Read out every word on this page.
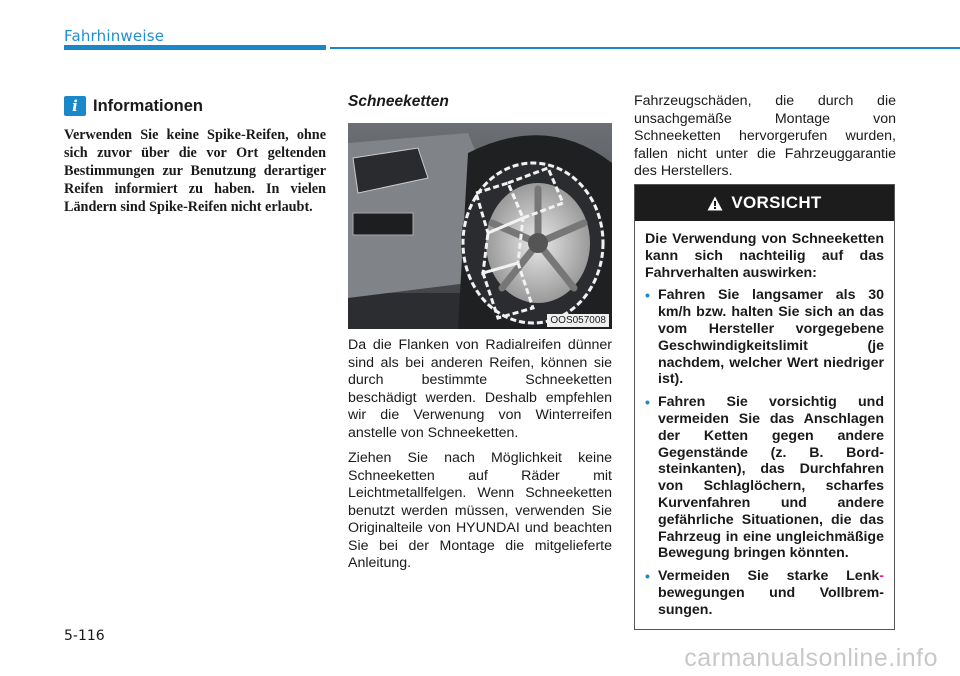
Fahrhinweise
i Informationen
Verwenden Sie keine Spike-Reifen, ohne sich zuvor über die vor Ort geltenden Bestimmungen zur Benutzung derartiger Reifen informiert zu haben. In vielen Ländern sind Spike-Reifen nicht erlaubt.
Schneeketten
OOS057008

Da die Flanken von Radialreifen dünner sind als bei anderen Reifen, können sie durch bestimmte Schneeketten beschädigt werden. Deshalb empfehlen wir die Verwenung von Winterreifen anstelle von Schneeketten.

Ziehen Sie nach Möglichkeit keine Schneeketten auf Räder mit Leichtmetallfelgen. Wenn Schneeketten benutzt werden müssen, verwenden Sie Originalteile von HYUNDAI und beachten Sie bei der Montage die mitgelieferte Anleitung.

Fahrzeugschäden, die durch die unsachgemäße Montage von Schneeketten hervorgerufen wurden, fallen nicht unter die Fahrzeuggarantie des Herstellers.
VORSICHT
Die Verwendung von Schneeketten kann sich nachteilig auf das Fahrverhalten auswirken:
• Fahren Sie langsamer als 30 km/h bzw. halten Sie sich an das vom Hersteller vorgegebene Geschwindigkeitslimit (je nachdem, welcher Wert niedriger ist).
• Fahren Sie vorsichtig und vermeiden Sie das Anschlagen der Ketten gegen andere Gegenstände (z. B. Bordsteinkanten), das Durchfahren von Schlaglöchern, scharfes Kurvenfahren und andere gefährliche Situationen, die das Fahrzeug in eine ungleichmäßige Bewegung bringen könnten.
• Vermeiden Sie starke Lenk- bewegungen und Vollbremsungen.
5-116
carmanualsonline.info
